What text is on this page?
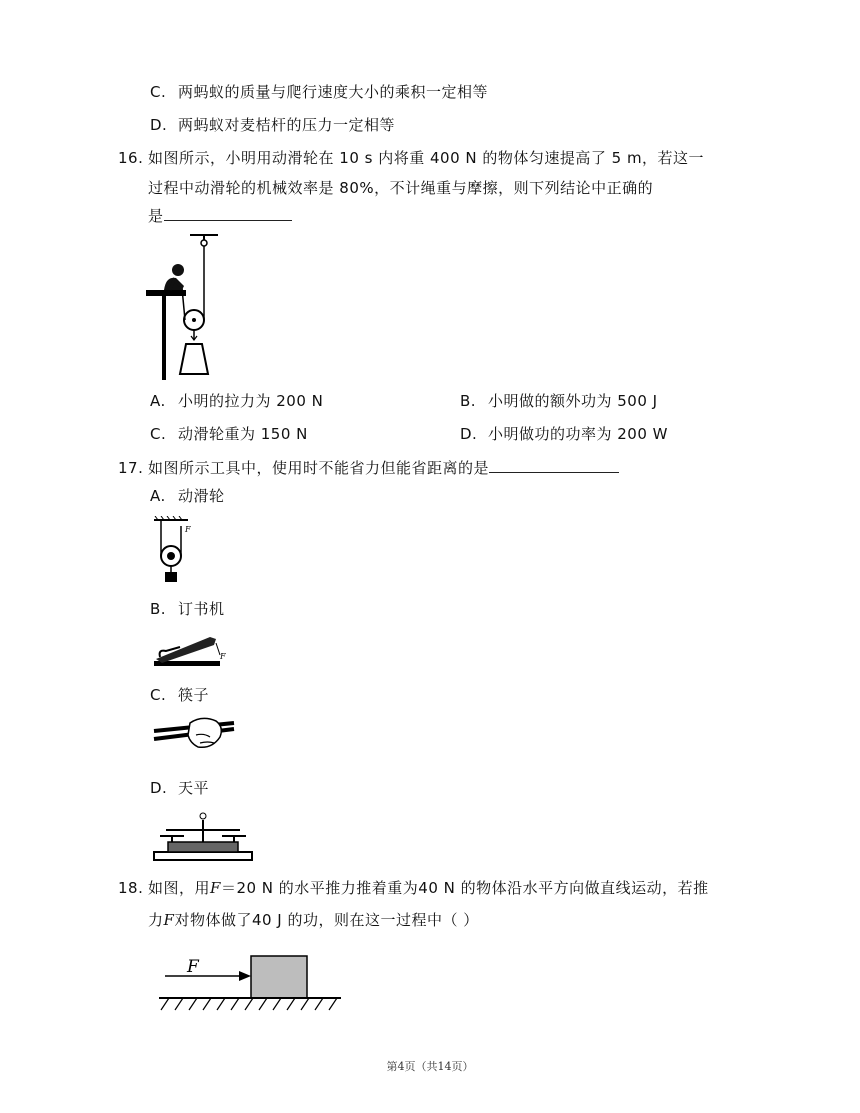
C. 两蚂蚁的质量与爬行速度大小的乘积一定相等
D. 两蚂蚁对麦桔杆的压力一定相等
16. 如图所示，小明用动滑轮在 10 s 内将重 400 N 的物体匀速提高了 5 m，若这一
过程中动滑轮的机械效率是 80%，不计绳重与摩擦，则下列结论中正确的
是
A. 小明的拉力为 200 N	B. 小明做的额外功为 500 J
C. 动滑轮重为 150 N	D. 小明做功的功率为 200 W
17. 如图所示工具中，使用时不能省力但能省距离的是
A. 动滑轮
F
B. 订书机
F
C. 筷子
D. 天平
18. 如图，用F＝20 N 的水平推力推着重为40 N 的物体沿水平方向做直线运动，若推
力F对物体做了40 J 的功，则在这一过程中（ ）
F
第4页（共14页）
